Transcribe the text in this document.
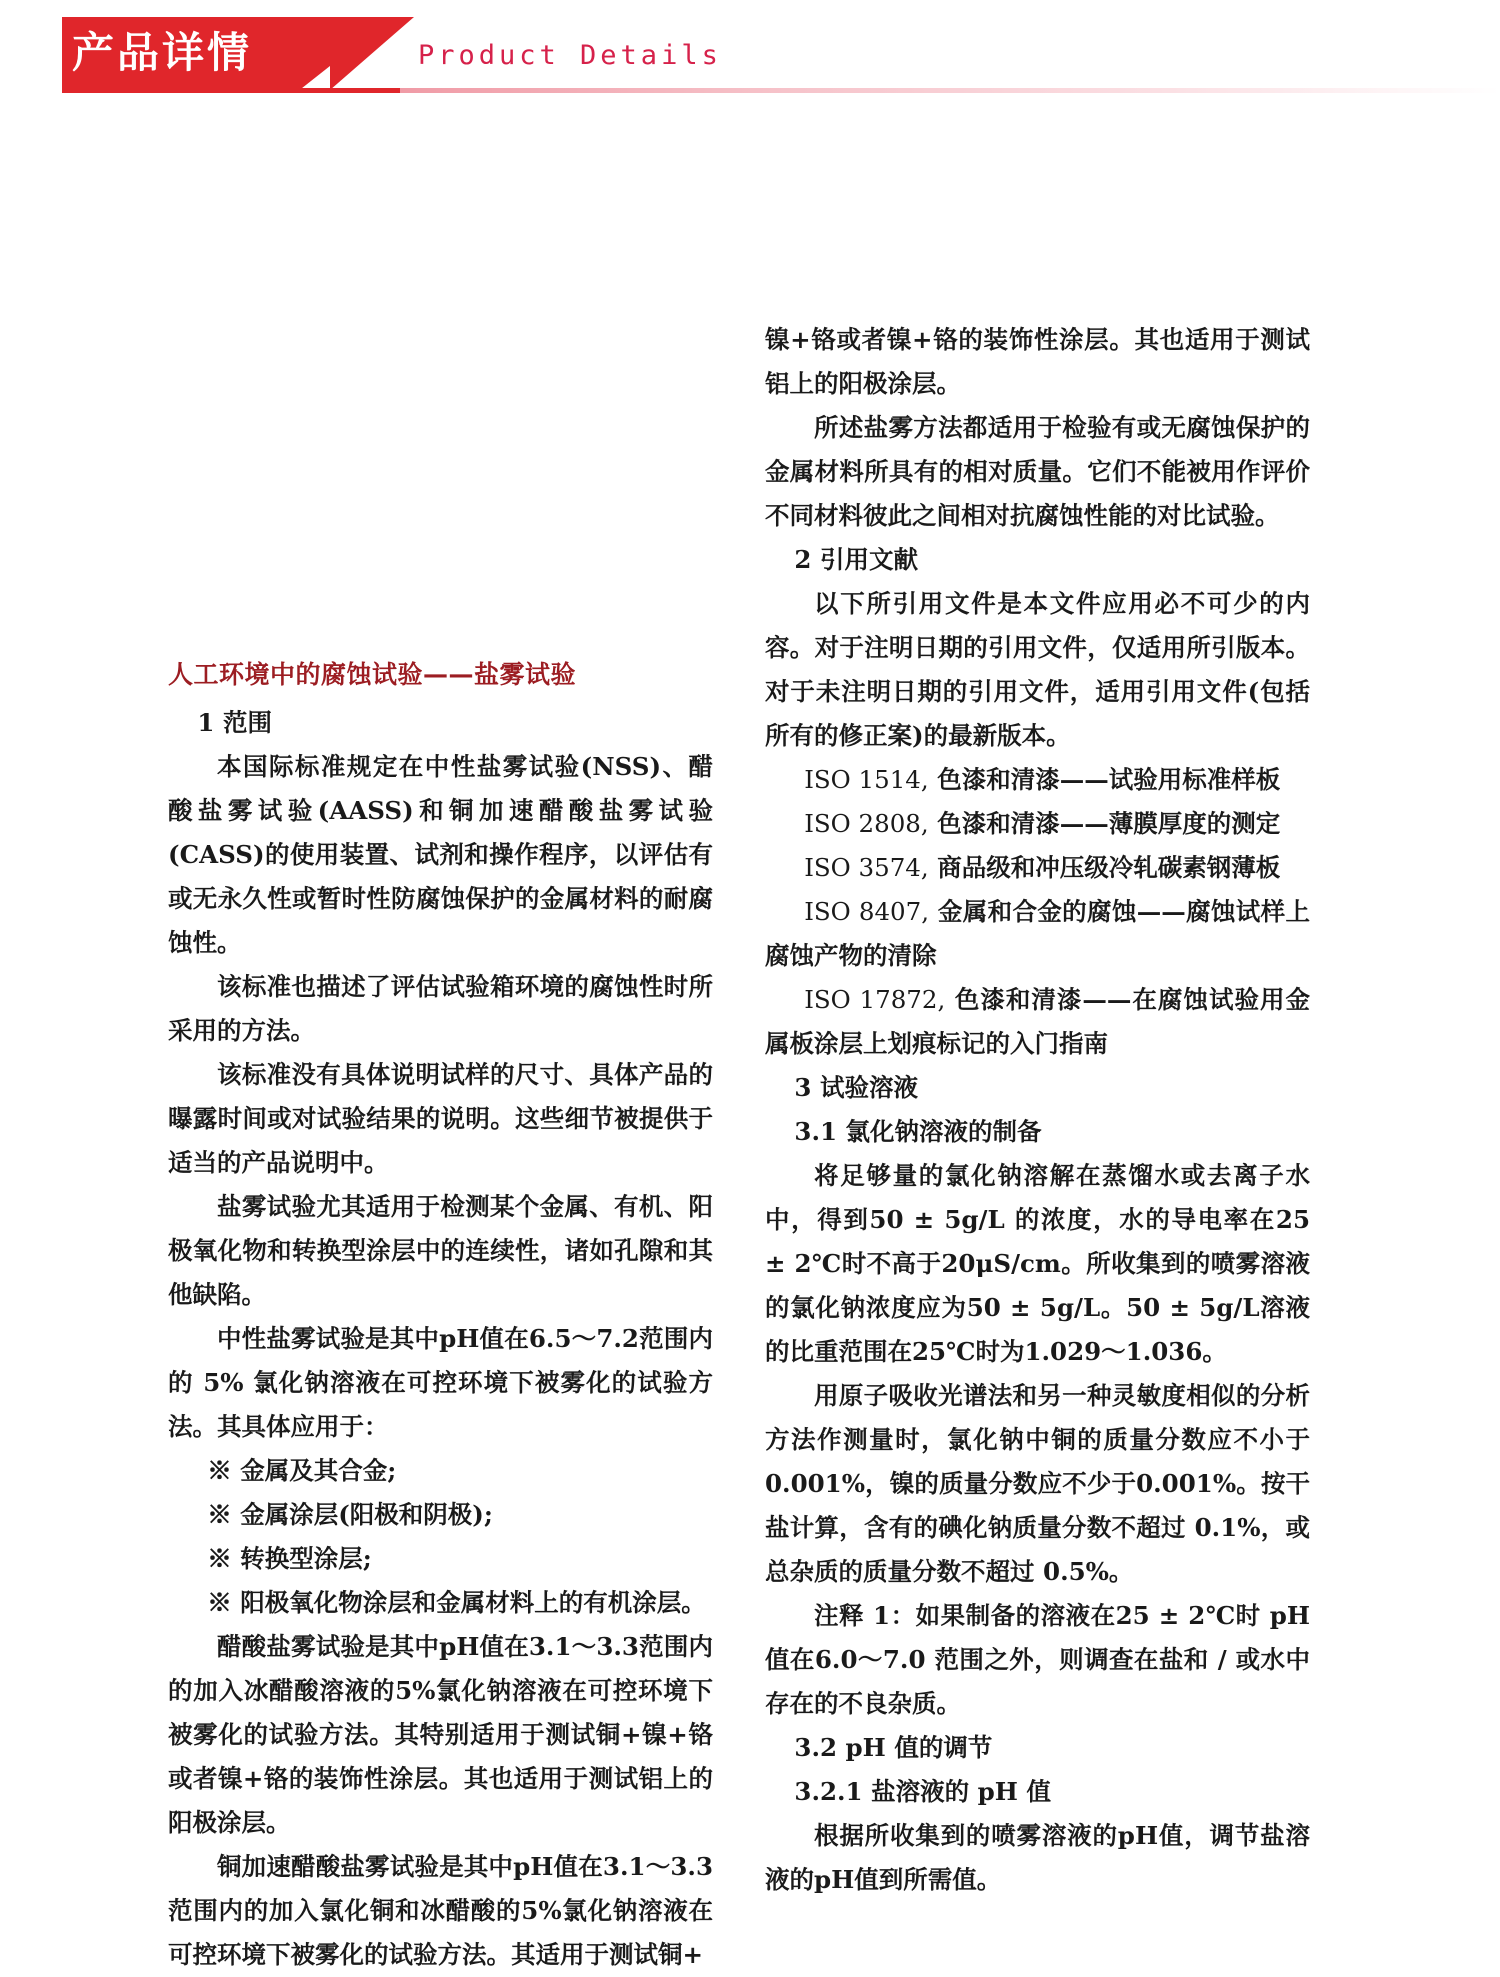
产品详情	Product Details

人工环境中的腐蚀试验——盐雾试验

1 范围

本国际标准规定在中性盐雾试验(NSS)、醋酸盐雾试验(AASS)和铜加速醋酸盐雾试验(CASS)的使用装置、试剂和操作程序，以评估有或无永久性或暂时性防腐蚀保护的金属材料的耐腐蚀性。

该标准也描述了评估试验箱环境的腐蚀性时所采用的方法。

该标准没有具体说明试样的尺寸、具体产品的曝露时间或对试验结果的说明。这些细节被提供于适当的产品说明中。

盐雾试验尤其适用于检测某个金属、有机、阳极氧化物和转换型涂层中的连续性，诸如孔隙和其他缺陷。

中性盐雾试验是其中pH值在6.5～7.2范围内的 5% 氯化钠溶液在可控环境下被雾化的试验方法。其具体应用于：

※ 金属及其合金;

※ 金属涂层(阳极和阴极);

※ 转换型涂层;

※ 阳极氧化物涂层和金属材料上的有机涂层。

醋酸盐雾试验是其中pH值在3.1～3.3范围内的加入冰醋酸溶液的5%氯化钠溶液在可控环境下被雾化的试验方法。其特别适用于测试铜+镍+铬或者镍+铬的装饰性涂层。其也适用于测试铝上的阳极涂层。

铜加速醋酸盐雾试验是其中pH值在3.1～3.3范围内的加入氯化铜和冰醋酸的5%氯化钠溶液在可控环境下被雾化的试验方法。其适用于测试铜+

镍+铬或者镍+铬的装饰性涂层。其也适用于测试铝上的阳极涂层。

所述盐雾方法都适用于检验有或无腐蚀保护的金属材料所具有的相对质量。它们不能被用作评价不同材料彼此之间相对抗腐蚀性能的对比试验。

2 引用文献

以下所引用文件是本文件应用必不可少的内容。对于注明日期的引用文件，仅适用所引版本。对于未注明日期的引用文件，适用引用文件(包括所有的修正案)的最新版本。

ISO 1514, 色漆和清漆——试验用标准样板

ISO 2808, 色漆和清漆——薄膜厚度的测定

ISO 3574, 商品级和冲压级冷轧碳素钢薄板

ISO 8407, 金属和合金的腐蚀——腐蚀试样上腐蚀产物的清除

ISO 17872, 色漆和清漆——在腐蚀试验用金属板涂层上划痕标记的入门指南

3 试验溶液

3.1 氯化钠溶液的制备

将足够量的氯化钠溶解在蒸馏水或去离子水中，得到50 ± 5g/L 的浓度，水的导电率在25 ± 2℃时不高于20μS/cm。所收集到的喷雾溶液的氯化钠浓度应为50 ± 5g/L。50 ± 5g/L溶液的比重范围在25℃时为1.029～1.036。

用原子吸收光谱法和另一种灵敏度相似的分析方法作测量时，氯化钠中铜的质量分数应不小于0.001%，镍的质量分数应不少于0.001%。按干盐计算，含有的碘化钠质量分数不超过 0.1%，或总杂质的质量分数不超过 0.5%。

注释 1：如果制备的溶液在25 ± 2℃时 pH 值在6.0～7.0 范围之外，则调查在盐和 / 或水中存在的不良杂质。

3.2 pH 值的调节

3.2.1 盐溶液的 pH 值

根据所收集到的喷雾溶液的pH值，调节盐溶液的pH值到所需值。
